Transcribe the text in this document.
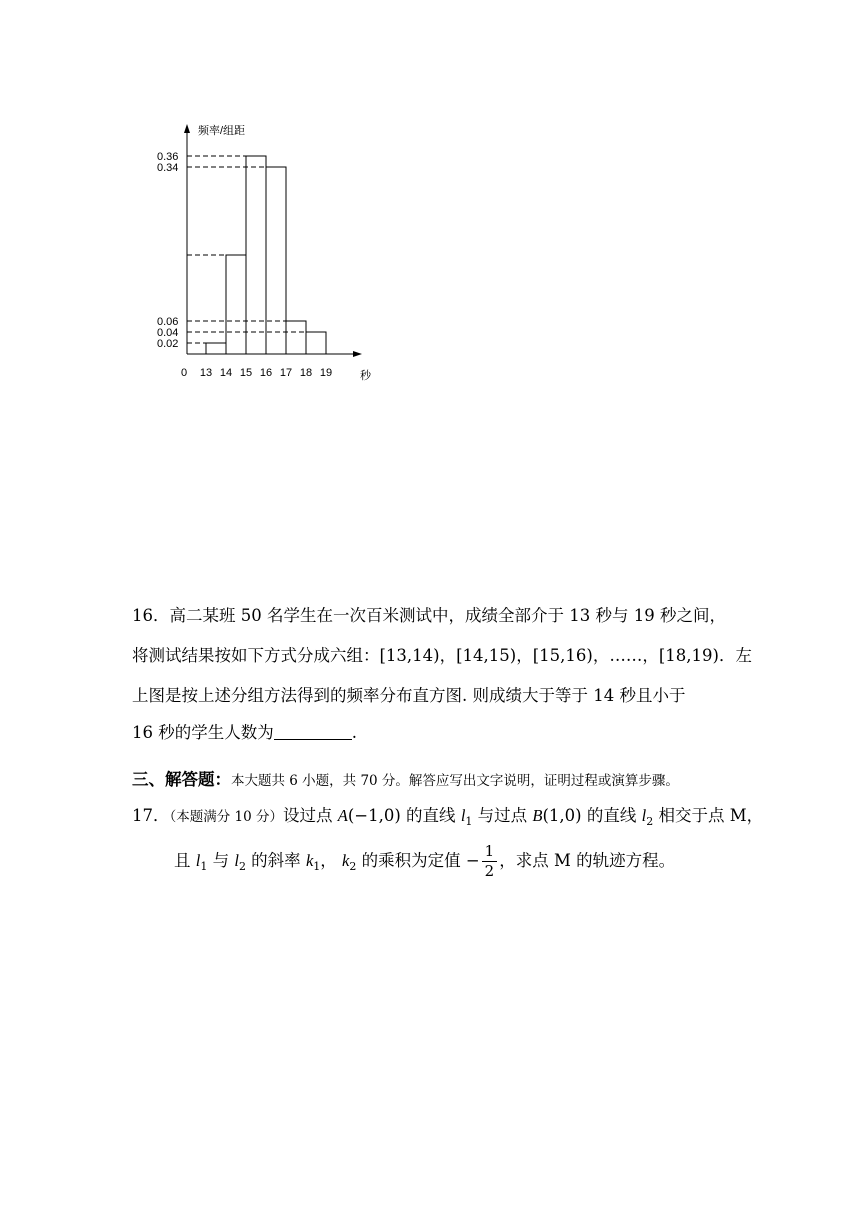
0.36
0.34
0.06
0.04
0.02
0 13 14 15 16 17 18 19
频率/组距
秒
16．高二某班 50 名学生在一次百米测试中，成绩全部介于 13 秒与 19 秒之间，
将测试结果按如下方式分成六组：[13,14)，[14,15)，[15,16)，……，[18,19)．左
上图是按上述分组方法得到的频率分布直方图. 则成绩大于等于 14 秒且小于
16 秒的学生人数为	.
三、解答题：本大题共 6 小题，共 70 分。解答应写出文字说明，证明过程或演算步骤。
17．（本题满分 10 分）设过点 A(−1,0) 的直线 $l_1$ 与过点 B(1,0) 的直线 $l_2$ 相交于点 M，
且 $l_1$ 与 $l_2$ 的斜率 $k_1$， $k_2$ 的乘积为定值 − $\frac{1}{2}$ ，求点 M 的轨迹方程。
